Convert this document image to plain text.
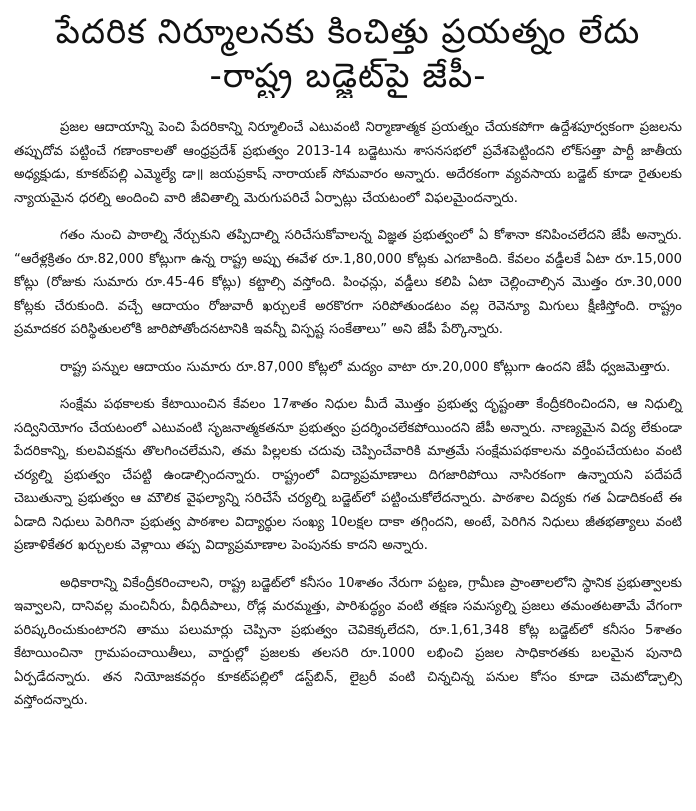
పేదరిక నిర్మూలనకు కించిత్తు ప్రయత్నం లేదు
-రాష్ట్ర బడ్జెట్‌పై జేపీ-

ప్రజల ఆదాయాన్ని పెంచి పేదరికాన్ని నిర్మూలించే ఎటువంటి నిర్మాణాత్మక ప్రయత్నం చేయకపోగా ఉద్దేశపూర్వకంగా ప్రజలను తప్పుదోవ పట్టించే గణాంకాలతో ఆంధ్రప్రదేశ్ ప్రభుత్వం 2013-14 బడ్జెటును శాసనసభలో ప్రవేశపెట్టిందని లోక్‌సత్తా పార్టీ జాతీయ అధ్యక్షుడు, కూకట్‌పల్లి ఎమ్మెల్యే డా॥ జయప్రకాష్ నారాయణ్ సోమవారం అన్నారు. అదేరకంగా వ్యవసాయ బడ్జెట్ కూడా రైతులకు న్యాయమైన ధరల్ని అందించి వారి జీవితాల్ని మెరుగుపరిచే ఏర్పాట్లు చేయటంలో విఫలమైందన్నారు.

గతం నుంచి పాఠాల్ని నేర్చుకుని తప్పిదాల్ని సరిచేసుకోవాలన్న విజ్ఞత ప్రభుత్వంలో ఏ కోశానా కనిపించలేదని జేపీ అన్నారు. “ఆరేళ్లక్రితం రూ.82,000 కోట్లుగా ఉన్న రాష్ట్ర అప్పు ఈవేళ రూ.1,80,000 కోట్లకు ఎగబాకింది. కేవలం వడ్డీలకే ఏటా రూ.15,000 కోట్లు (రోజుకు సుమారు రూ.45-46 కోట్లు) కట్టాల్సి వస్తోంది. పింఛన్లు, వడ్డీలు కలిపి ఏటా చెల్లించాల్సిన మొత్తం రూ.30,000 కోట్లకు చేరుకుంది. వచ్చే ఆదాయం రోజువారీ ఖర్చులకే అరకొరగా సరిపోతుండటం వల్ల రెవెన్యూ మిగులు క్షీణిస్తోంది. రాష్ట్రం ప్రమాదకర పరిస్థితులలోకి జారిపోతోందనటానికి ఇవన్నీ విస్పష్ట సంకేతాలు” అని జేపీ పేర్కొన్నారు.

రాష్ట్ర పన్నుల ఆదాయం సుమారు రూ.87,000 కోట్లలో మద్యం వాటా రూ.20,000 కోట్లుగా ఉందని జేపీ ధ్వజమెత్తారు.

సంక్షేమ పథకాలకు కేటాయించిన కేవలం 17శాతం నిధుల మీదే మొత్తం ప్రభుత్వ దృష్టంతా కేంద్రీకరించిందని, ఆ నిధుల్ని సద్వినియోగం చేయటంలో ఎటువంటి సృజనాత్మకతనూ ప్రభుత్వం ప్రదర్శించలేకపోయిందని జేపీ అన్నారు. నాణ్యమైన విద్య లేకుండా పేదరికాన్ని, కులవివక్షను తొలగించలేమని, తమ పిల్లలకు చదువు చెప్పించేవారికి మాత్రమే సంక్షేమపథకాలను వర్తింపచేయటం వంటి చర్యల్ని ప్రభుత్వం చేపట్టి ఉండాల్సిందన్నారు. రాష్ట్రంలో విద్యాప్రమాణాలు దిగజారిపోయి నాసిరకంగా ఉన్నాయని పదేపదే చెబుతున్నా ప్రభుత్వం ఆ మౌలిక వైఫల్యాన్ని సరిచేసే చర్యల్ని బడ్జెట్‌లో పట్టించుకోలేదన్నారు. పాఠశాల విద్యకు గత ఏడాదికంటే ఈ ఏడాది నిధులు పెరిగినా ప్రభుత్వ పాఠశాల విద్యార్థుల సంఖ్య 10లక్షల దాకా తగ్గిందని, అంటే, పెరిగిన నిధులు జీతభత్యాలు వంటి ప్రణాళికేతర ఖర్చులకు వెళ్లాయి తప్ప విద్యాప్రమాణాల పెంపునకు కాదని అన్నారు.

అధికారాన్ని వికేంద్రీకరించాలని, రాష్ట్ర బడ్జెట్‌లో కనీసం 10శాతం నేరుగా పట్టణ, గ్రామీణ ప్రాంతాలలోని స్థానిక ప్రభుత్వాలకు ఇవ్వాలని, దానివల్ల మంచినీరు, వీధిదీపాలు, రోడ్ల మరమ్మత్తు, పారిశుద్ధ్యం వంటి తక్షణ సమస్యల్ని ప్రజలు తమంతటతామే వేగంగా పరిష్కరించుకుంటారని తాము పలుమార్లు చెప్పినా ప్రభుత్వం చెవికెక్కలేదని, రూ.1,61,348 కోట్ల బడ్జెట్‌లో కనీసం 5శాతం కేటాయించినా గ్రామపంచాయితీలు, వార్డుల్లో ప్రజలకు తలసరి రూ.1000 లభించి ప్రజల సాధికారతకు బలమైన పునాది ఏర్పడేదన్నారు. తన నియోజకవర్గం కూకట్‌పల్లిలో డస్ట్‌బిన్, లైబ్రరీ వంటి చిన్నచిన్న పనుల కోసం కూడా చెమటోడ్చాల్సి వస్తోందన్నారు.
